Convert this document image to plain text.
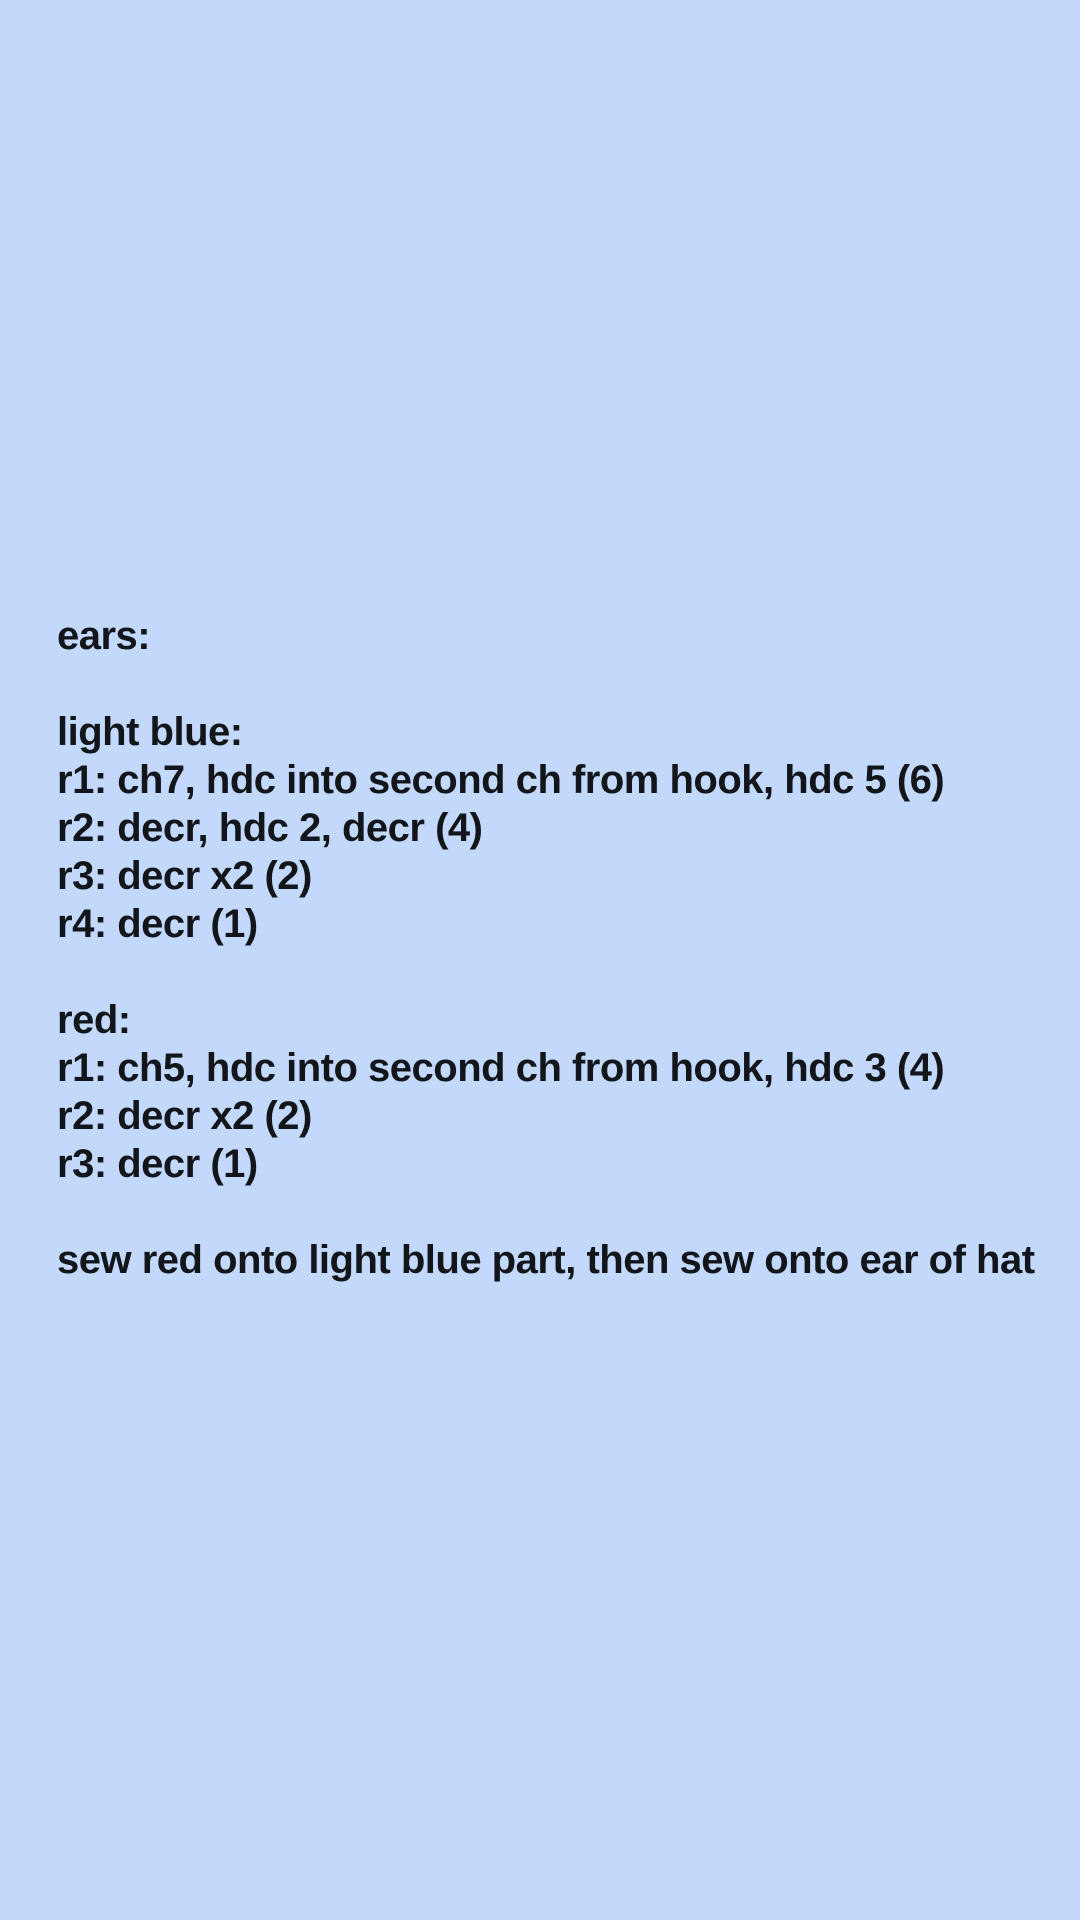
ears:

light blue:

r1: ch7, hdc into second ch from hook, hdc 5 (6)

r2: decr, hdc 2, decr (4)

r3: decr x2 (2)

r4: decr (1)

red:

r1: ch5, hdc into second ch from hook, hdc 3 (4)

r2: decr x2 (2)

r3: decr (1)

sew red onto light blue part, then sew onto ear of hat
